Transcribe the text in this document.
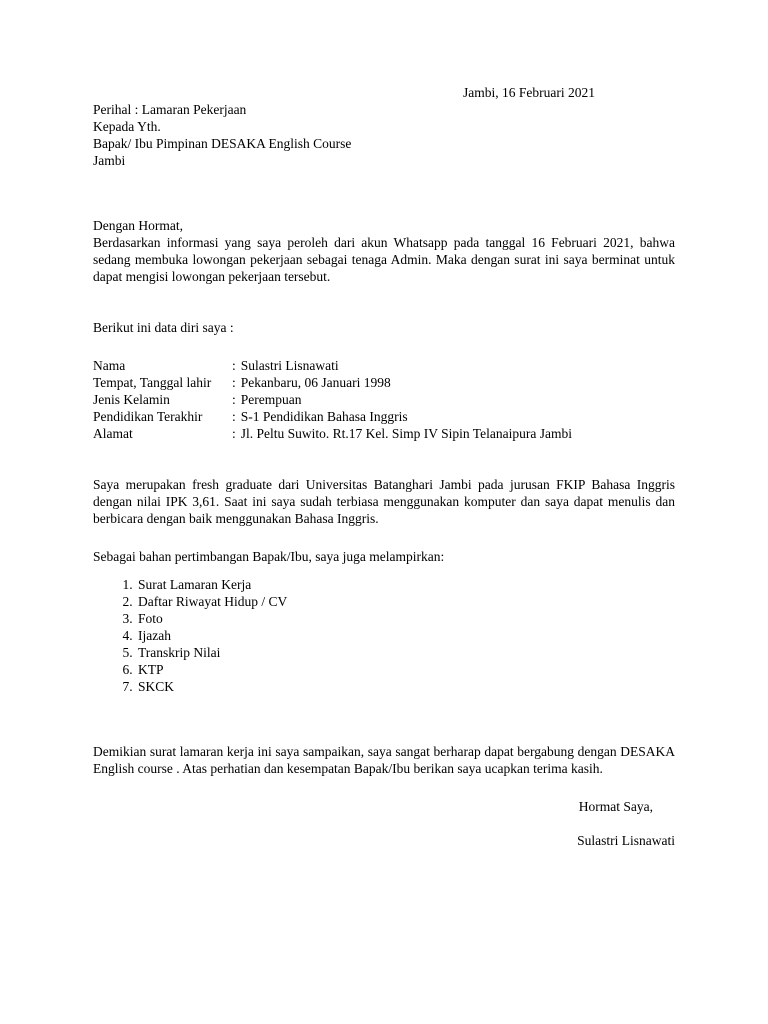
Jambi, 16 Februari 2021
Perihal : Lamaran Pekerjaan
Kepada Yth.
Bapak/ Ibu Pimpinan DESAKA English Course
Jambi
Dengan Hormat,

Berdasarkan informasi yang saya peroleh dari akun Whatsapp pada tanggal 16 Februari 2021, bahwa sedang membuka lowongan pekerjaan sebagai tenaga Admin. Maka dengan surat ini saya berminat untuk dapat mengisi lowongan pekerjaan tersebut.

Berikut ini data diri saya :
Nama	: Sulastri Lisnawati
Tempat, Tanggal lahir	: Pekanbaru, 06 Januari 1998
Jenis Kelamin	: Perempuan
Pendidikan Terakhir	: S-1 Pendidikan Bahasa Inggris
Alamat	: Jl. Peltu Suwito. Rt.17 Kel. Simp IV Sipin Telanaipura Jambi

Saya merupakan fresh graduate dari Universitas Batanghari Jambi pada jurusan FKIP Bahasa Inggris dengan nilai IPK 3,61. Saat ini saya sudah terbiasa menggunakan komputer dan saya dapat menulis dan berbicara dengan baik menggunakan Bahasa Inggris.

Sebagai bahan pertimbangan Bapak/Ibu, saya juga melampirkan:
1. Surat Lamaran Kerja
2. Daftar Riwayat Hidup / CV
3. Foto
4. Ijazah
5. Transkrip Nilai
6. KTP
7. SKCK

Demikian surat lamaran kerja ini saya sampaikan, saya sangat berharap dapat bergabung dengan DESAKA English course . Atas perhatian dan kesempatan Bapak/Ibu berikan saya ucapkan terima kasih.

Hormat Saya,
Sulastri Lisnawati
